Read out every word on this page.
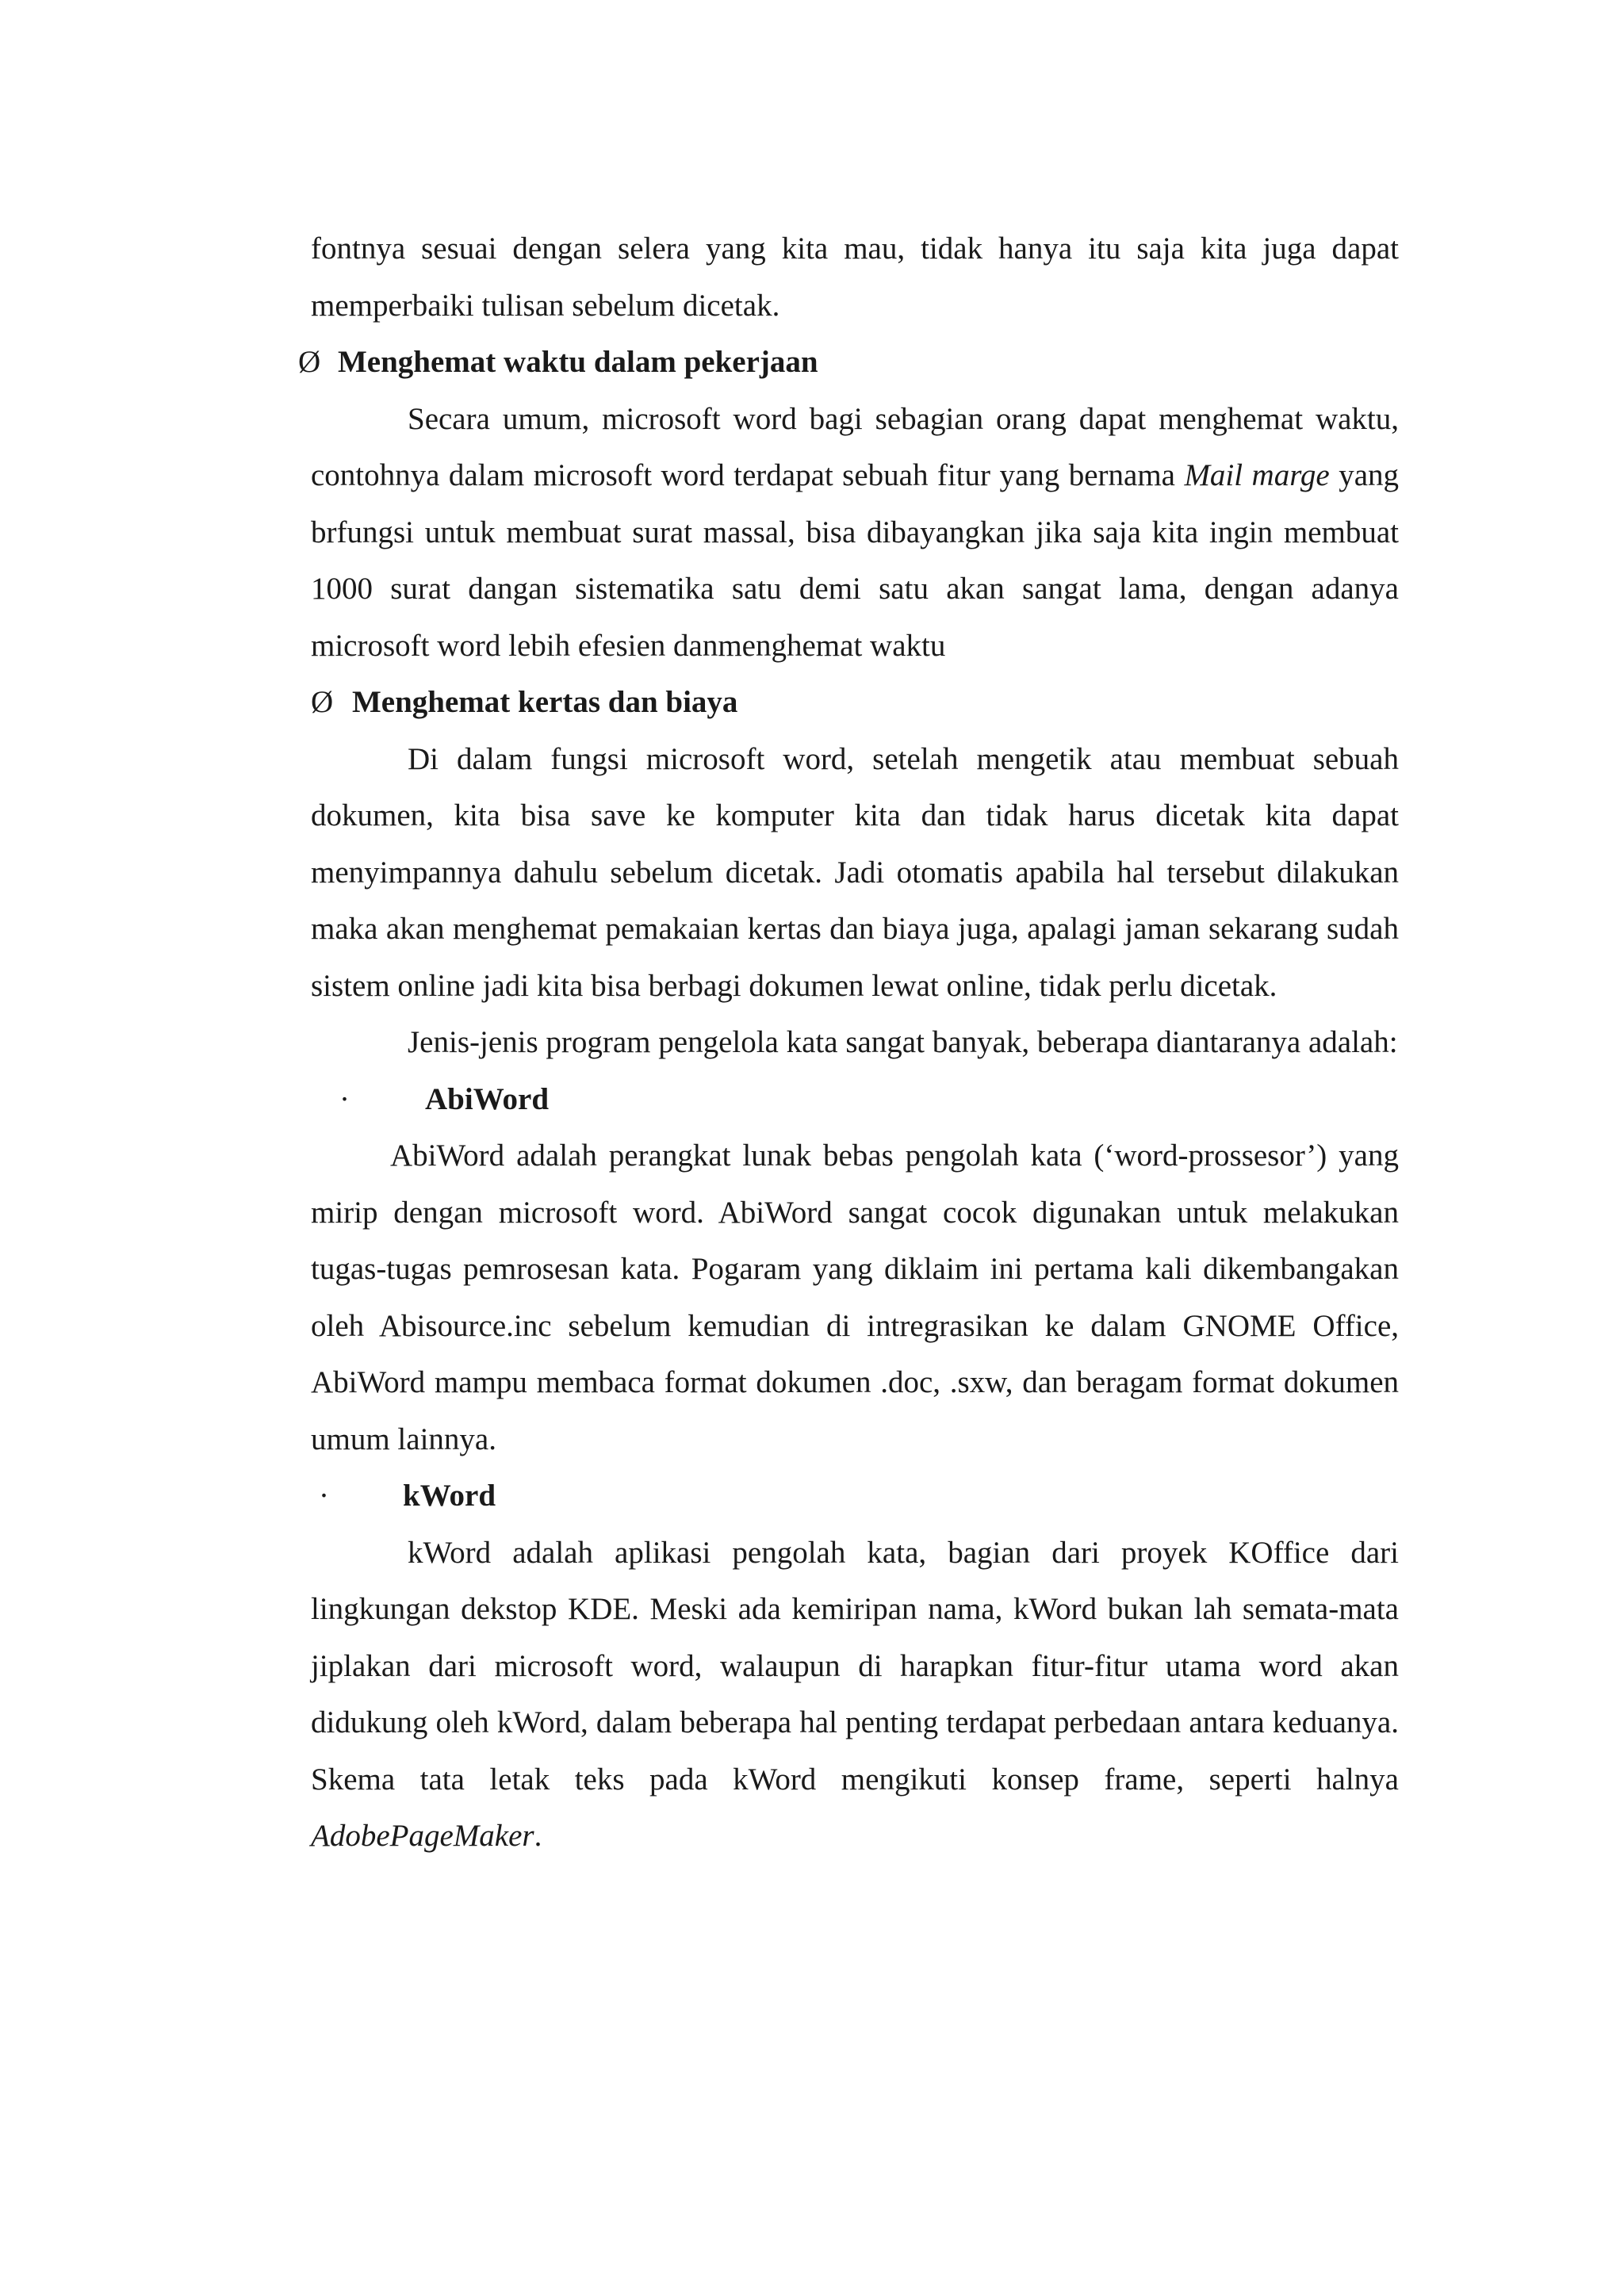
fontnya sesuai dengan selera yang kita mau, tidak hanya itu saja kita juga dapat memperbaiki tulisan sebelum dicetak.

Ø Menghemat waktu dalam pekerjaan

Secara umum, microsoft word bagi sebagian orang dapat menghemat waktu, contohnya dalam microsoft word terdapat sebuah fitur yang bernama Mail marge yang brfungsi untuk membuat surat massal, bisa dibayangkan jika saja kita ingin membuat 1000 surat dangan sistematika satu demi satu akan sangat lama, dengan adanya microsoft word lebih efesien danmenghemat waktu

Ø Menghemat kertas dan biaya

Di dalam fungsi microsoft word, setelah mengetik atau membuat sebuah dokumen, kita bisa save ke komputer kita dan tidak harus dicetak kita dapat menyimpannya dahulu sebelum dicetak. Jadi otomatis apabila hal tersebut dilakukan maka akan menghemat pemakaian kertas dan biaya juga, apalagi jaman sekarang sudah sistem online jadi kita bisa berbagi dokumen lewat online, tidak perlu dicetak.

Jenis-jenis program pengelola kata sangat banyak, beberapa diantaranya adalah:

· AbiWord

AbiWord adalah perangkat lunak bebas pengolah kata (‘word-prossesor’) yang mirip dengan microsoft word. AbiWord sangat cocok digunakan untuk melakukan tugas-tugas pemrosesan kata. Pogaram yang diklaim ini pertama kali dikembangakan oleh Abisource.inc sebelum kemudian di intregrasikan ke dalam GNOME Office, AbiWord mampu membaca format dokumen .doc, .sxw, dan beragam format dokumen umum lainnya.

· kWord

kWord adalah aplikasi pengolah kata, bagian dari proyek KOffice dari lingkungan dekstop KDE. Meski ada kemiripan nama, kWord bukan lah semata-mata jiplakan dari microsoft word, walaupun di harapkan fitur-fitur utama word akan didukung oleh kWord, dalam beberapa hal penting terdapat perbedaan antara keduanya. Skema tata letak teks pada kWord mengikuti konsep frame, seperti halnya AdobePageMaker.
